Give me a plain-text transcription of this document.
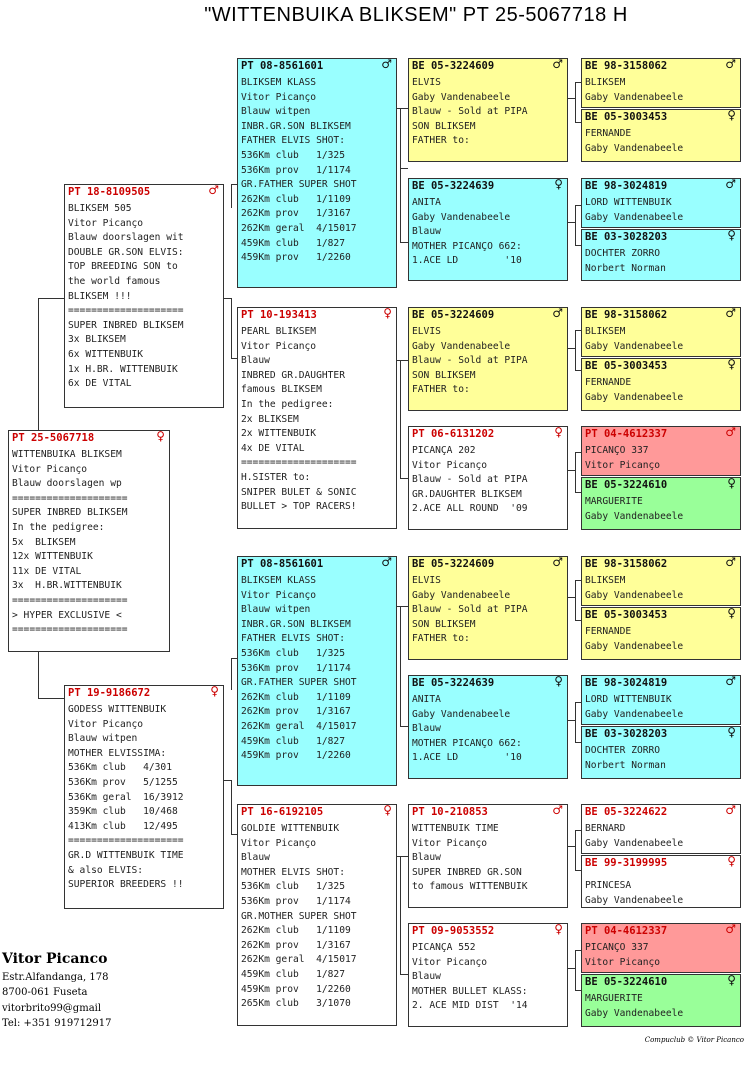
"WITTENBUIKA BLIKSEM" PT 25-5067718 H
PT 25-5067718	♀
WITTENBUIKA BLIKSEM
Vitor Picanço
Blauw doorslagen wp
====================
SUPER INBRED BLIKSEM
In the pedigree:
5x  BLIKSEM
12x WITTENBUIK
11x DE VITAL
3x  H.BR.WITTENBUIK
====================
> HYPER EXCLUSIVE <
====================
PT 18-8109505	♂
BLIKSEM 505
Vitor Picanço
Blauw doorslagen wit
DOUBLE GR.SON ELVIS:
TOP BREEDING SON to
the world famous
BLIKSEM !!!
====================
SUPER INBRED BLIKSEM
3x BLIKSEM
6x WITTENBUIK
1x H.BR. WITTENBUIK
6x DE VITAL
PT 19-9186672	♀
GODESS WITTENBUIK
Vitor Picanço
Blauw witpen
MOTHER ELVISSIMA:
536Km club   4/301
536Km prov   5/1255
536Km geral  16/3912
359Km club   10/468
413Km club   12/495
====================
GR.D WITTENBUIK TIME
& also ELVIS:
SUPERIOR BREEDERS !!
PT 08-8561601	♂
BLIKSEM KLASS
Vitor Picanço
Blauw witpen
INBR.GR.SON BLIKSEM
FATHER ELVIS SHOT:
536Km club   1/325
536Km prov   1/1174
GR.FATHER SUPER SHOT
262Km club   1/1109
262Km prov   1/3167
262Km geral  4/15017
459Km club   1/827
459Km prov   1/2260
PT 10-193413	♀
PEARL BLIKSEM
Vitor Picanço
Blauw
INBRED GR.DAUGHTER
famous BLIKSEM
In the pedigree:
2x BLIKSEM
2x WITTENBUIK
4x DE VITAL
====================
H.SISTER to:
SNIPER BULET & SONIC
BULLET > TOP RACERS!
PT 08-8561601	♂
BLIKSEM KLASS
Vitor Picanço
Blauw witpen
INBR.GR.SON BLIKSEM
FATHER ELVIS SHOT:
536Km club   1/325
536Km prov   1/1174
GR.FATHER SUPER SHOT
262Km club   1/1109
262Km prov   1/3167
262Km geral  4/15017
459Km club   1/827
459Km prov   1/2260
PT 16-6192105	♀
GOLDIE WITTENBUIK
Vitor Picanço
Blauw
MOTHER ELVIS SHOT:
536Km club   1/325
536Km prov   1/1174
GR.MOTHER SUPER SHOT
262Km club   1/1109
262Km prov   1/3167
262Km geral  4/15017
459Km club   1/827
459Km prov   1/2260
265Km club   3/1070
BE 05-3224609	♂
ELVIS
Gaby Vandenabeele
Blauw - Sold at PIPA
SON BLIKSEM
FATHER to:
BE 05-3224639	♀
ANITA
Gaby Vandenabeele
Blauw
MOTHER PICANÇO 662:
1.ACE LD        '10
BE 05-3224609	♂
ELVIS
Gaby Vandenabeele
Blauw - Sold at PIPA
SON BLIKSEM
FATHER to:
PT 06-6131202	♀
PICANÇA 202
Vitor Picanço
Blauw - Sold at PIPA
GR.DAUGHTER BLIKSEM
2.ACE ALL ROUND  '09
BE 05-3224609	♂
ELVIS
Gaby Vandenabeele
Blauw - Sold at PIPA
SON BLIKSEM
FATHER to:
BE 05-3224639	♀
ANITA
Gaby Vandenabeele
Blauw
MOTHER PICANÇO 662:
1.ACE LD        '10
PT 10-210853	♂
WITTENBUIK TIME
Vitor Picanço
Blauw
SUPER INBRED GR.SON
to famous WITTENBUIK
PT 09-9053552	♀
PICANÇA 552
Vitor Picanço
Blauw
MOTHER BULLET KLASS:
2. ACE MID DIST  '14
BE 98-3158062	♂
BLIKSEM
Gaby Vandenabeele
BE 05-3003453	♀
FERNANDE
Gaby Vandenabeele
BE 98-3024819	♂
LORD WITTENBUIK
Gaby Vandenabeele
BE 03-3028203	♀
DOCHTER ZORRO
Norbert Norman
BE 98-3158062	♂
BLIKSEM
Gaby Vandenabeele
BE 05-3003453	♀
FERNANDE
Gaby Vandenabeele
PT 04-4612337	♂
PICANÇO 337
Vitor Picanço
BE 05-3224610	♀
MARGUERITE
Gaby Vandenabeele
BE 98-3158062	♂
BLIKSEM
Gaby Vandenabeele
BE 05-3003453	♀
FERNANDE
Gaby Vandenabeele
BE 98-3024819	♂
LORD WITTENBUIK
Gaby Vandenabeele
BE 03-3028203	♀
DOCHTER ZORRO
Norbert Norman
BE 05-3224622	♂
BERNARD
Gaby Vandenabeele
BE 99-3199995	♀
PRINCESA
Gaby Vandenabeele
PT 04-4612337	♂
PICANÇO 337
Vitor Picanço
BE 05-3224610	♀
MARGUERITE
Gaby Vandenabeele
Vitor Picanco
Estr.Alfandanga, 178
8700-061 Fuseta
vitorbrito99@gmail
Tel: +351 919712917
Compuclub © Vitor Picanco
